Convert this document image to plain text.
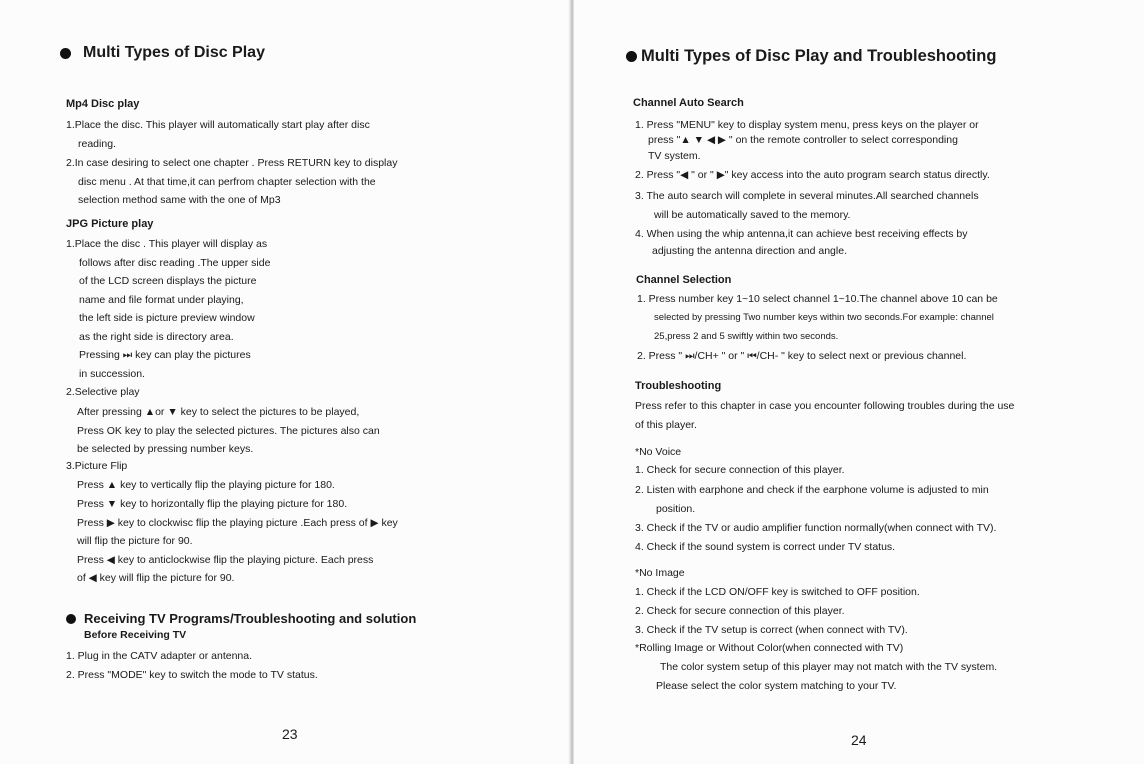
Multi Types of Disc Play
Mp4 Disc play
1.Place the disc. This player will automatically start play after disc
reading.
2.In case desiring to select one chapter . Press RETURN key to display
disc menu . At that time,it can perfrom chapter selection with the
selection method same with the one of Mp3
JPG Picture play
1.Place the disc . This player will display as
follows after disc reading .The upper side
of the LCD screen displays the picture
name and file format under playing,
the left side is picture preview window
as the right side is directory area.
Pressing ⏭ key can play the pictures
in succession.
2.Selective play
After pressing ▲or ▼ key to select the pictures to be played,
Press OK key to play the selected pictures. The pictures also can
be selected by pressing number keys.
3.Picture Flip
Press ▲ key to vertically flip the playing picture for 180.
Press ▼ key to horizontally flip the playing picture for 180.
Press ▶ key to clockwisc flip the playing picture .Each press of ▶ key
will flip the picture for 90.
Press ◀ key to anticlockwise flip the playing picture. Each press
of ◀ key will flip the picture for 90.
Receiving TV Programs/Troubleshooting and solution
Before Receiving TV
1. Plug in the CATV adapter or antenna.
2. Press "MODE" key to switch the mode to TV status.
23
Multi Types of Disc Play and Troubleshooting
Channel Auto Search
1. Press "MENU" key to display system menu, press keys on the player or
press "▲ ▼ ◀ ▶ " on the remote controller to select corresponding
TV system.
2. Press "◀ " or " ▶" key access into the auto program search status directly.
3. The auto search will complete in several minutes.All searched channels
will be automatically saved to the memory.
4. When using the whip antenna,it can achieve best receiving effects by
adjusting the antenna direction and angle.
Channel Selection
1. Press number key 1~10 select channel 1~10.The channel above 10 can be
selected by pressing Two number keys within two seconds.For example: channel
25,press 2 and 5 swiftly within two seconds.
2. Press " ⏭/CH+ " or " ⏮/CH- " key to select next or previous channel.
Troubleshooting
Press refer to this chapter in case you encounter following troubles during the use
of this player.
*No Voice
1. Check for secure connection of this player.
2. Listen with earphone and check if the earphone volume is adjusted to min
position.
3. Check if the TV or audio amplifier function normally(when connect with TV).
4. Check if the sound system is correct under TV status.
*No Image
1. Check if the LCD ON/OFF key is switched to OFF position.
2. Check for secure connection of this player.
3. Check if the TV setup is correct (when connect with TV).
*Rolling Image or Without Color(when connected with TV)
The color system setup of this player may not match with the TV system.
Please select the color system matching to your TV.
24
